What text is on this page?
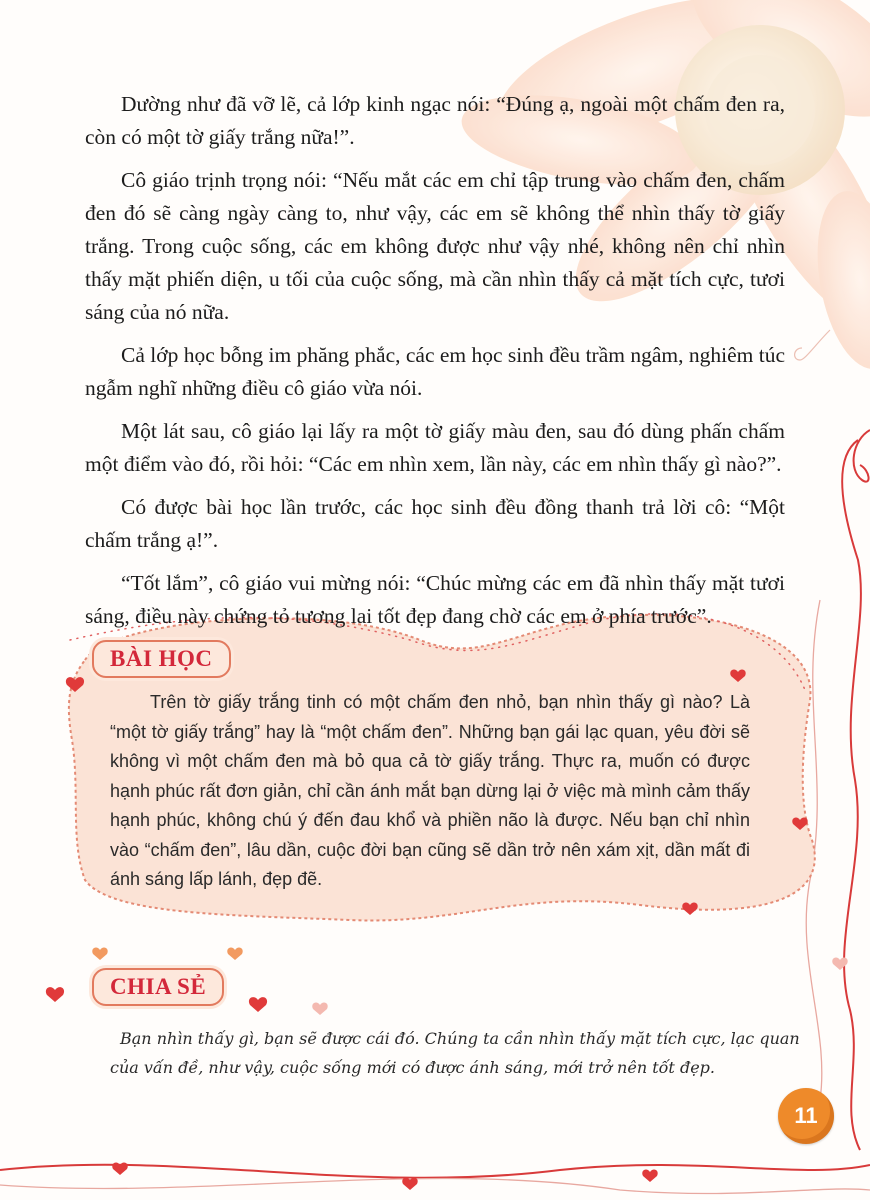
Dường như đã vỡ lẽ, cả lớp kinh ngạc nói: “Đúng ạ, ngoài một chấm đen ra, còn có một tờ giấy trắng nữa!”.

Cô giáo trịnh trọng nói: “Nếu mắt các em chỉ tập trung vào chấm đen, chấm đen đó sẽ càng ngày càng to, như vậy, các em sẽ không thể nhìn thấy tờ giấy trắng. Trong cuộc sống, các em không được như vậy nhé, không nên chỉ nhìn thấy mặt phiến diện, u tối của cuộc sống, mà cần nhìn thấy cả mặt tích cực, tươi sáng của nó nữa.

Cả lớp học bỗng im phăng phắc, các em học sinh đều trầm ngâm, nghiêm túc ngẫm nghĩ những điều cô giáo vừa nói.

Một lát sau, cô giáo lại lấy ra một tờ giấy màu đen, sau đó dùng phấn chấm một điểm vào đó, rồi hỏi: “Các em nhìn xem, lần này, các em nhìn thấy gì nào?”.

Có được bài học lần trước, các học sinh đều đồng thanh trả lời cô: “Một chấm trắng ạ!”.

“Tốt lắm”, cô giáo vui mừng nói: “Chúc mừng các em đã nhìn thấy mặt tươi sáng, điều này chứng tỏ tương lai tốt đẹp đang chờ các em ở phía trước”.

BÀI HỌC

Trên tờ giấy trắng tinh có một chấm đen nhỏ, bạn nhìn thấy gì nào? Là “một tờ giấy trắng” hay là “một chấm đen”. Những bạn gái lạc quan, yêu đời sẽ không vì một chấm đen mà bỏ qua cả tờ giấy trắng. Thực ra, muốn có được hạnh phúc rất đơn giản, chỉ cần ánh mắt bạn dừng lại ở việc mà mình cảm thấy hạnh phúc, không chú ý đến đau khổ và phiền não là được. Nếu bạn chỉ nhìn vào “chấm đen”, lâu dần, cuộc đời bạn cũng sẽ dần trở nên xám xịt, dần mất đi ánh sáng lấp lánh, đẹp đẽ.

CHIA SẺ

Bạn nhìn thấy gì, bạn sẽ được cái đó. Chúng ta cần nhìn thấy mặt tích cực, lạc quan của vấn đề, như vậy, cuộc sống mới có được ánh sáng, mới trở nên tốt đẹp.

11
